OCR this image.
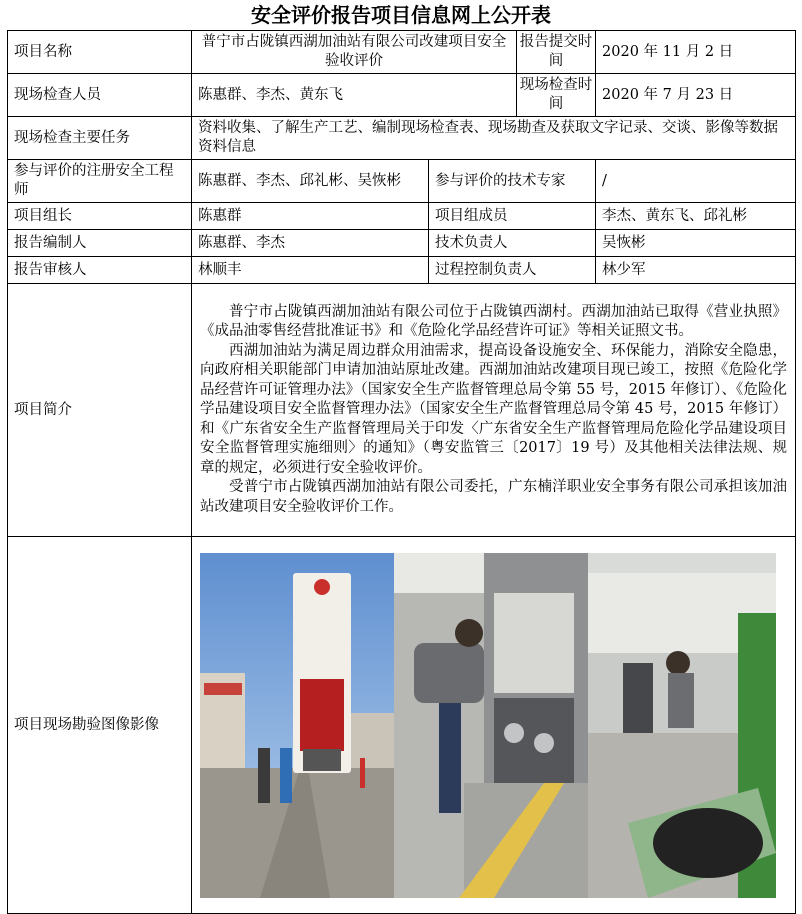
安全评价报告项目信息网上公开表
项目名称	普宁市占陇镇西湖加油站有限公司改建项目安全验收评价		报告提交时间	2020 年 11 月 2 日
现场检查人员	陈惠群、李杰、黄东飞		现场检查时间	2020 年 7 月 23 日
现场检查主要任务	资料收集、了解生产工艺、编制现场检查表、现场勘查及获取文字记录、交谈、影像等数据资料信息			
参与评价的注册安全工程师	陈惠群、李杰、邱礼彬、吴恢彬	参与评价的技术专家		/
项目组长	陈惠群	项目组成员		李杰、黄东飞、邱礼彬
报告编制人	陈惠群、李杰	技术负责人		吴恢彬
报告审核人	林顺丰	过程控制负责人		林少军
项目简介	普宁市占陇镇西湖加油站有限公司位于占陇镇西湖村。西湖加油站已取得《营业执照》《成品油零售经营批准证书》和《危险化学品经营许可证》等相关证照文书。

西湖加油站为满足周边群众用油需求，提高设备设施安全、环保能力，消除安全隐患，向政府相关职能部门申请加油站原址改建。西湖加油站改建项目现已竣工，按照《危险化学品经营许可证管理办法》（国家安全生产监督管理总局令第 55 号，2015 年修订）、《危险化学品建设项目安全监督管理办法》（国家安全生产监督管理总局令第 45 号，2015 年修订）和《广东省安全生产监督管理局关于印发〈广东省安全生产监督管理局危险化学品建设项目安全监督管理实施细则〉的通知》（粤安监管三〔2017〕19 号）及其他相关法律法规、规章的规定，必须进行安全验收评价。

受普宁市占陇镇西湖加油站有限公司委托，广东楠洋职业安全事务有限公司承担该加油站改建项目安全验收评价工作。			

项目现场勘验图像影像	
